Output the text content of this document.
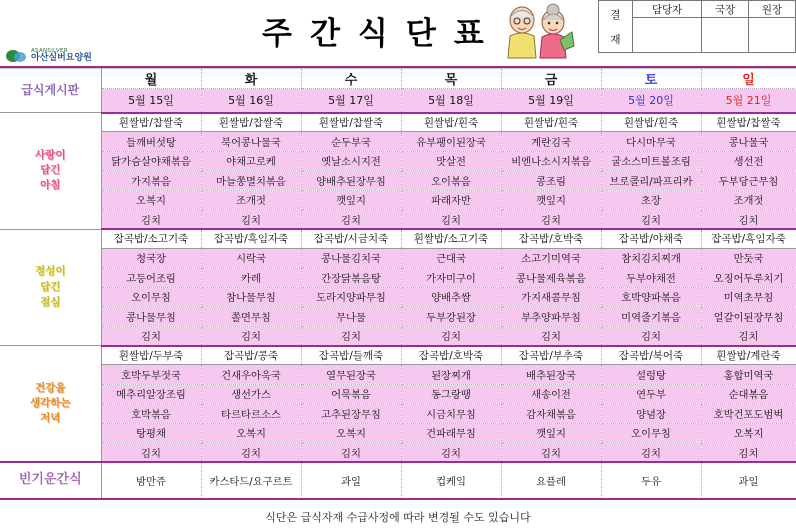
ASANSILVER
아산실버요양원
주간식단표
결
재	담당자	국장	원장

급식게시판	월	화	수	목	금	토	일
	5월 15일	5월 16일	5월 17일	5월 18일	5월 19일	5월 20일	5월 21일

사랑이
담긴
아침	흰쌀밥/찹쌀죽	흰쌀밥/찹쌀죽	흰쌀밥/찹쌀죽	흰쌀밥/흰죽	흰쌀밥/흰죽	흰쌀밥/흰죽	흰쌀밥/찹쌀죽
	들깨버섯탕	북어콩나물국	순두부국	유부팽이된장국	계란김국	다시마무국	콩나물국
	닭가슴살야채볶음	야채고로케	옛날소시지전	맛살전	비엔나소시지볶음	굴소스미트볼조림	생선전
	가지볶음	마늘쫑멸치볶음	양배추된장무침	오이볶음	콩조림	브로콜리/파프리카	두부당근무침
	오복지	조개젓	깻잎지	파래자반	깻잎지	초장	조개젓
	김치	김치	김치	김치	김치	김치	김치

정성이
담긴
점심	잡곡밥/소고기죽	잡곡밥/흑임자죽	잡곡밥/시금치죽	흰쌀밥/소고기죽	잡곡밥/호박죽	잡곡밥/야채죽	잡곡밥/흑임자죽
	청국장	시락국	콩나물김치국	근대국	소고기미역국	참치김치찌개	만둣국
	고등어조림	카레	간장닭볶음탕	가자미구이	콩나물제육볶음	두부야채전	오징어두루치기
	오이무침	참나물무침	도라지양파무침	양배추쌈	가지새콤무침	호박양파볶음	미역초무침
	콩나물무침	쫄면무침	무나물	두부강된장	부추양파무침	미역줄기볶음	얼갈이된장무침
	김치	김치	김치	김치	김치	김치	김치

건강을
생각하는
저녁	흰쌀밥/두부죽	잡곡밥/콩죽	잡곡밥/들깨죽	잡곡밥/호박죽	잡곡밥/부추죽	잡곡밥/북어죽	흰쌀밥/계란죽
	호박두부젓국	건새우아욱국	열무된장국	된장찌개	배추된장국	설렁탕	홍합미역국
	메추리알장조림	생선가스	어묵볶음	동그랑땡	새송이전	연두부	순대볶음
	호박볶음	타르타르소스	고추된장무침	시금치무침	감자채볶음	양념장	호박건포도범벅
	탕평채	오복지	오복지	건파래무침	깻잎지	오이무침	오복지
	김치	김치	김치	김치	김치	김치	김치
빈기운간식	밤만쥬	카스타드/요구르트	과일	컵케잌	요플레	두유	과일
식단은 급식자재 수급사정에 따라 변경될 수도 있습니다
